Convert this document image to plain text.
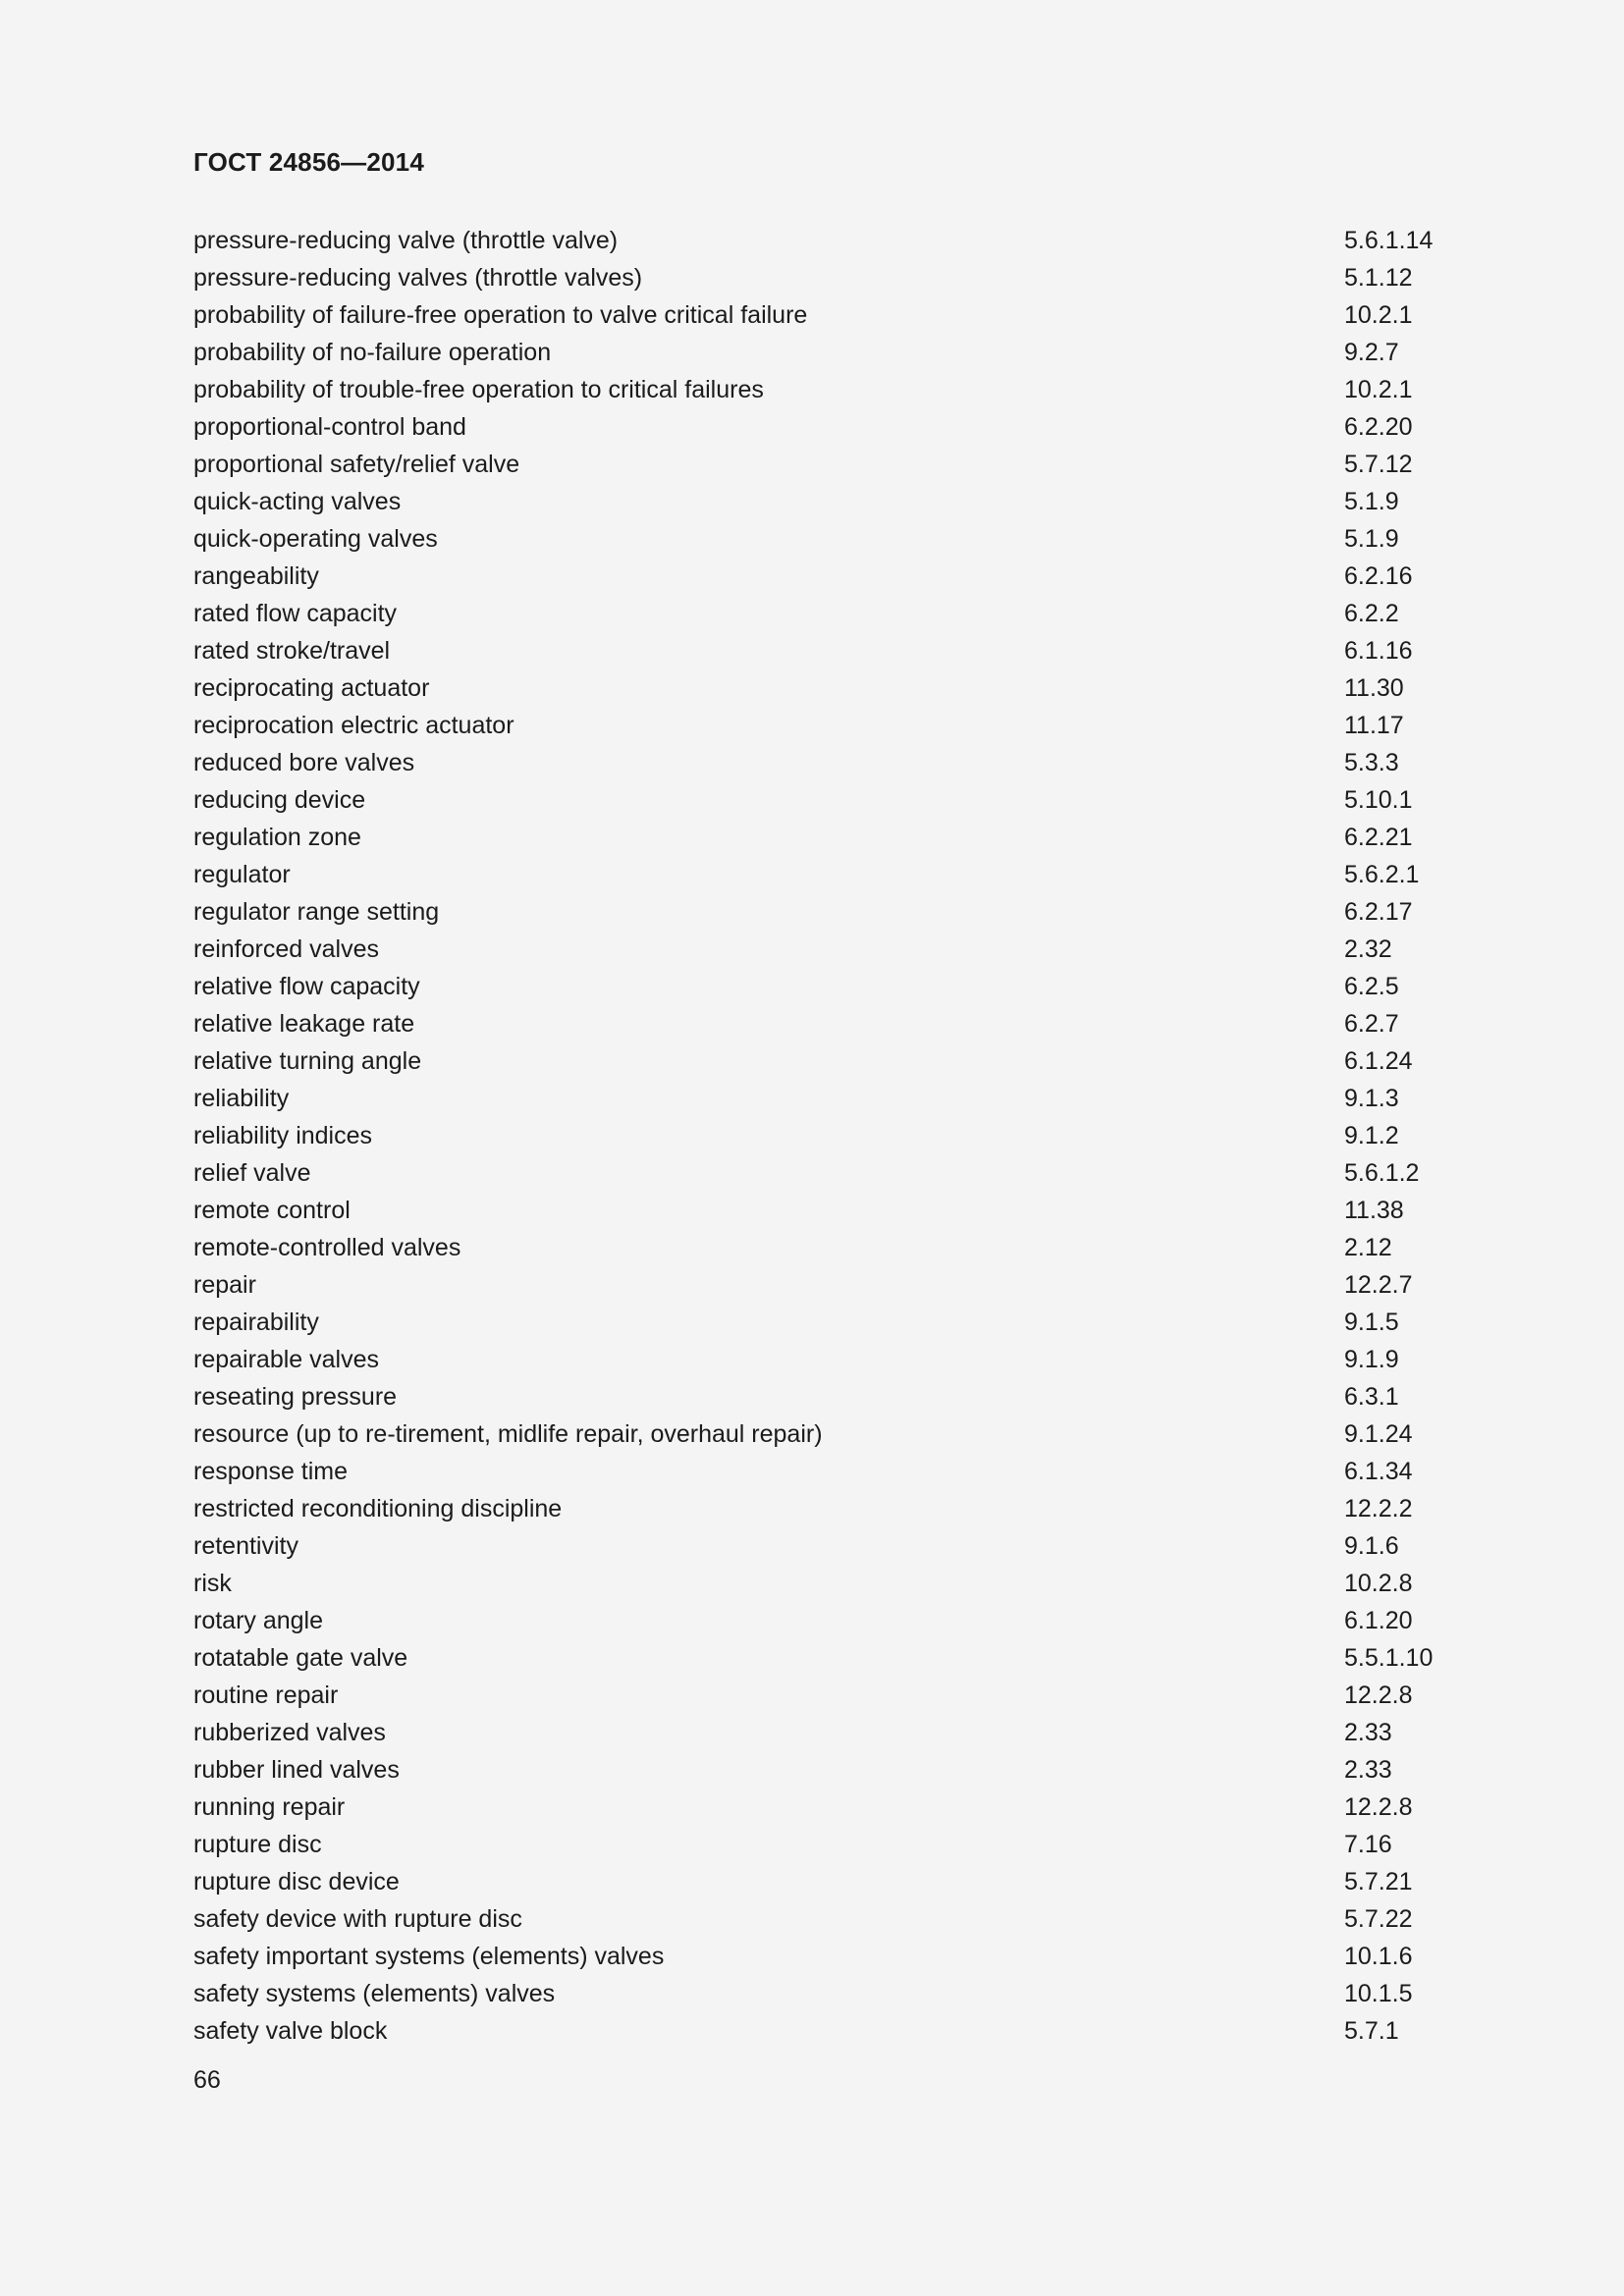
ГОСТ 24856—2014
pressure-reducing valve (throttle valve)	5.6.1.14
pressure-reducing valves (throttle valves)	5.1.12
probability of failure-free operation to valve critical failure	10.2.1
probability of no-failure operation	9.2.7
probability of trouble-free operation to critical failures	10.2.1
proportional-control band	6.2.20
proportional safety/relief valve	5.7.12
quick-acting valves	5.1.9
quick-operating valves	5.1.9
rangeability	6.2.16
rated flow capacity	6.2.2
rated stroke/travel	6.1.16
reciprocating actuator	11.30
reciprocation electric actuator	11.17
reduced bore valves	5.3.3
reducing device	5.10.1
regulation zone	6.2.21
regulator	5.6.2.1
regulator range setting	6.2.17
reinforced valves	2.32
relative flow capacity	6.2.5
relative leakage rate	6.2.7
relative turning angle	6.1.24
reliability	9.1.3
reliability indices	9.1.2
relief valve	5.6.1.2
remote control	11.38
remote-controlled valves	2.12
repair	12.2.7
repairability	9.1.5
repairable valves	9.1.9
reseating pressure	6.3.1
resource (up to re-tirement, midlife repair, overhaul repair)	9.1.24
response time	6.1.34
restricted reconditioning discipline	12.2.2
retentivity	9.1.6
risk	10.2.8
rotary angle	6.1.20
rotatable gate valve	5.5.1.10
routine repair	12.2.8
rubberized valves	2.33
rubber lined valves	2.33
running repair	12.2.8
rupture disc	7.16
rupture disc device	5.7.21
safety device with rupture disc	5.7.22
safety important systems (elements) valves	10.1.6
safety systems (elements) valves	10.1.5
safety valve block	5.7.1
66
